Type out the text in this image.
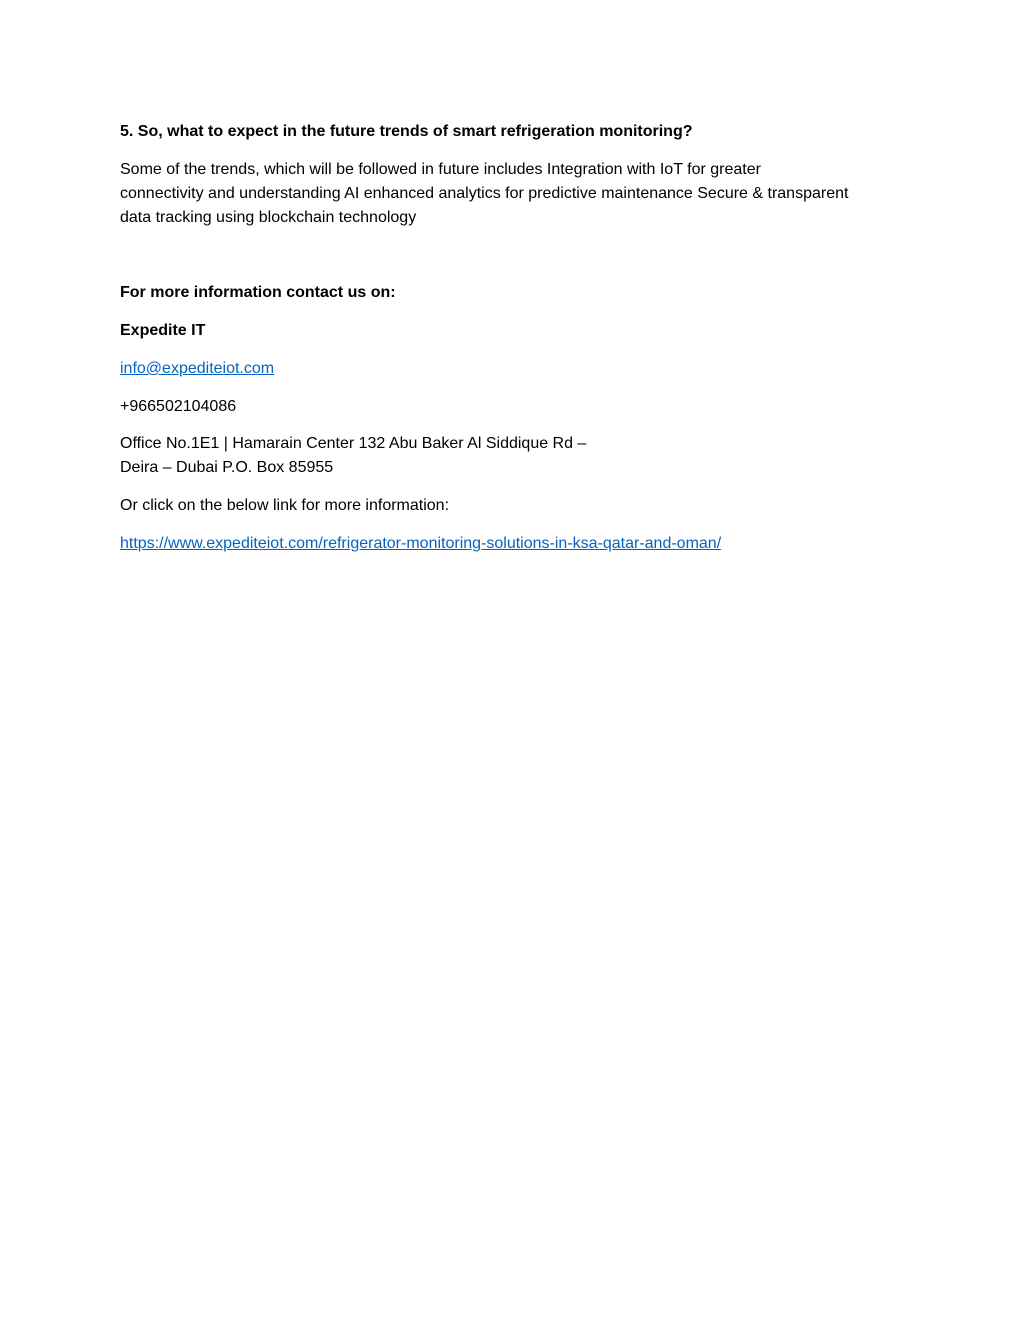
5. So, what to expect in the future trends of smart refrigeration monitoring?

Some of the trends, which will be followed in future includes Integration with IoT for greater
connectivity and understanding AI enhanced analytics for predictive maintenance Secure & transparent
data tracking using blockchain technology

For more information contact us on:

Expedite IT

info@expediteiot.com

+966502104086

Office No.1E1 | Hamarain Center 132 Abu Baker Al Siddique Rd –
Deira – Dubai P.O. Box 85955

Or click on the below link for more information:

https://www.expediteiot.com/refrigerator-monitoring-solutions-in-ksa-qatar-and-oman/
